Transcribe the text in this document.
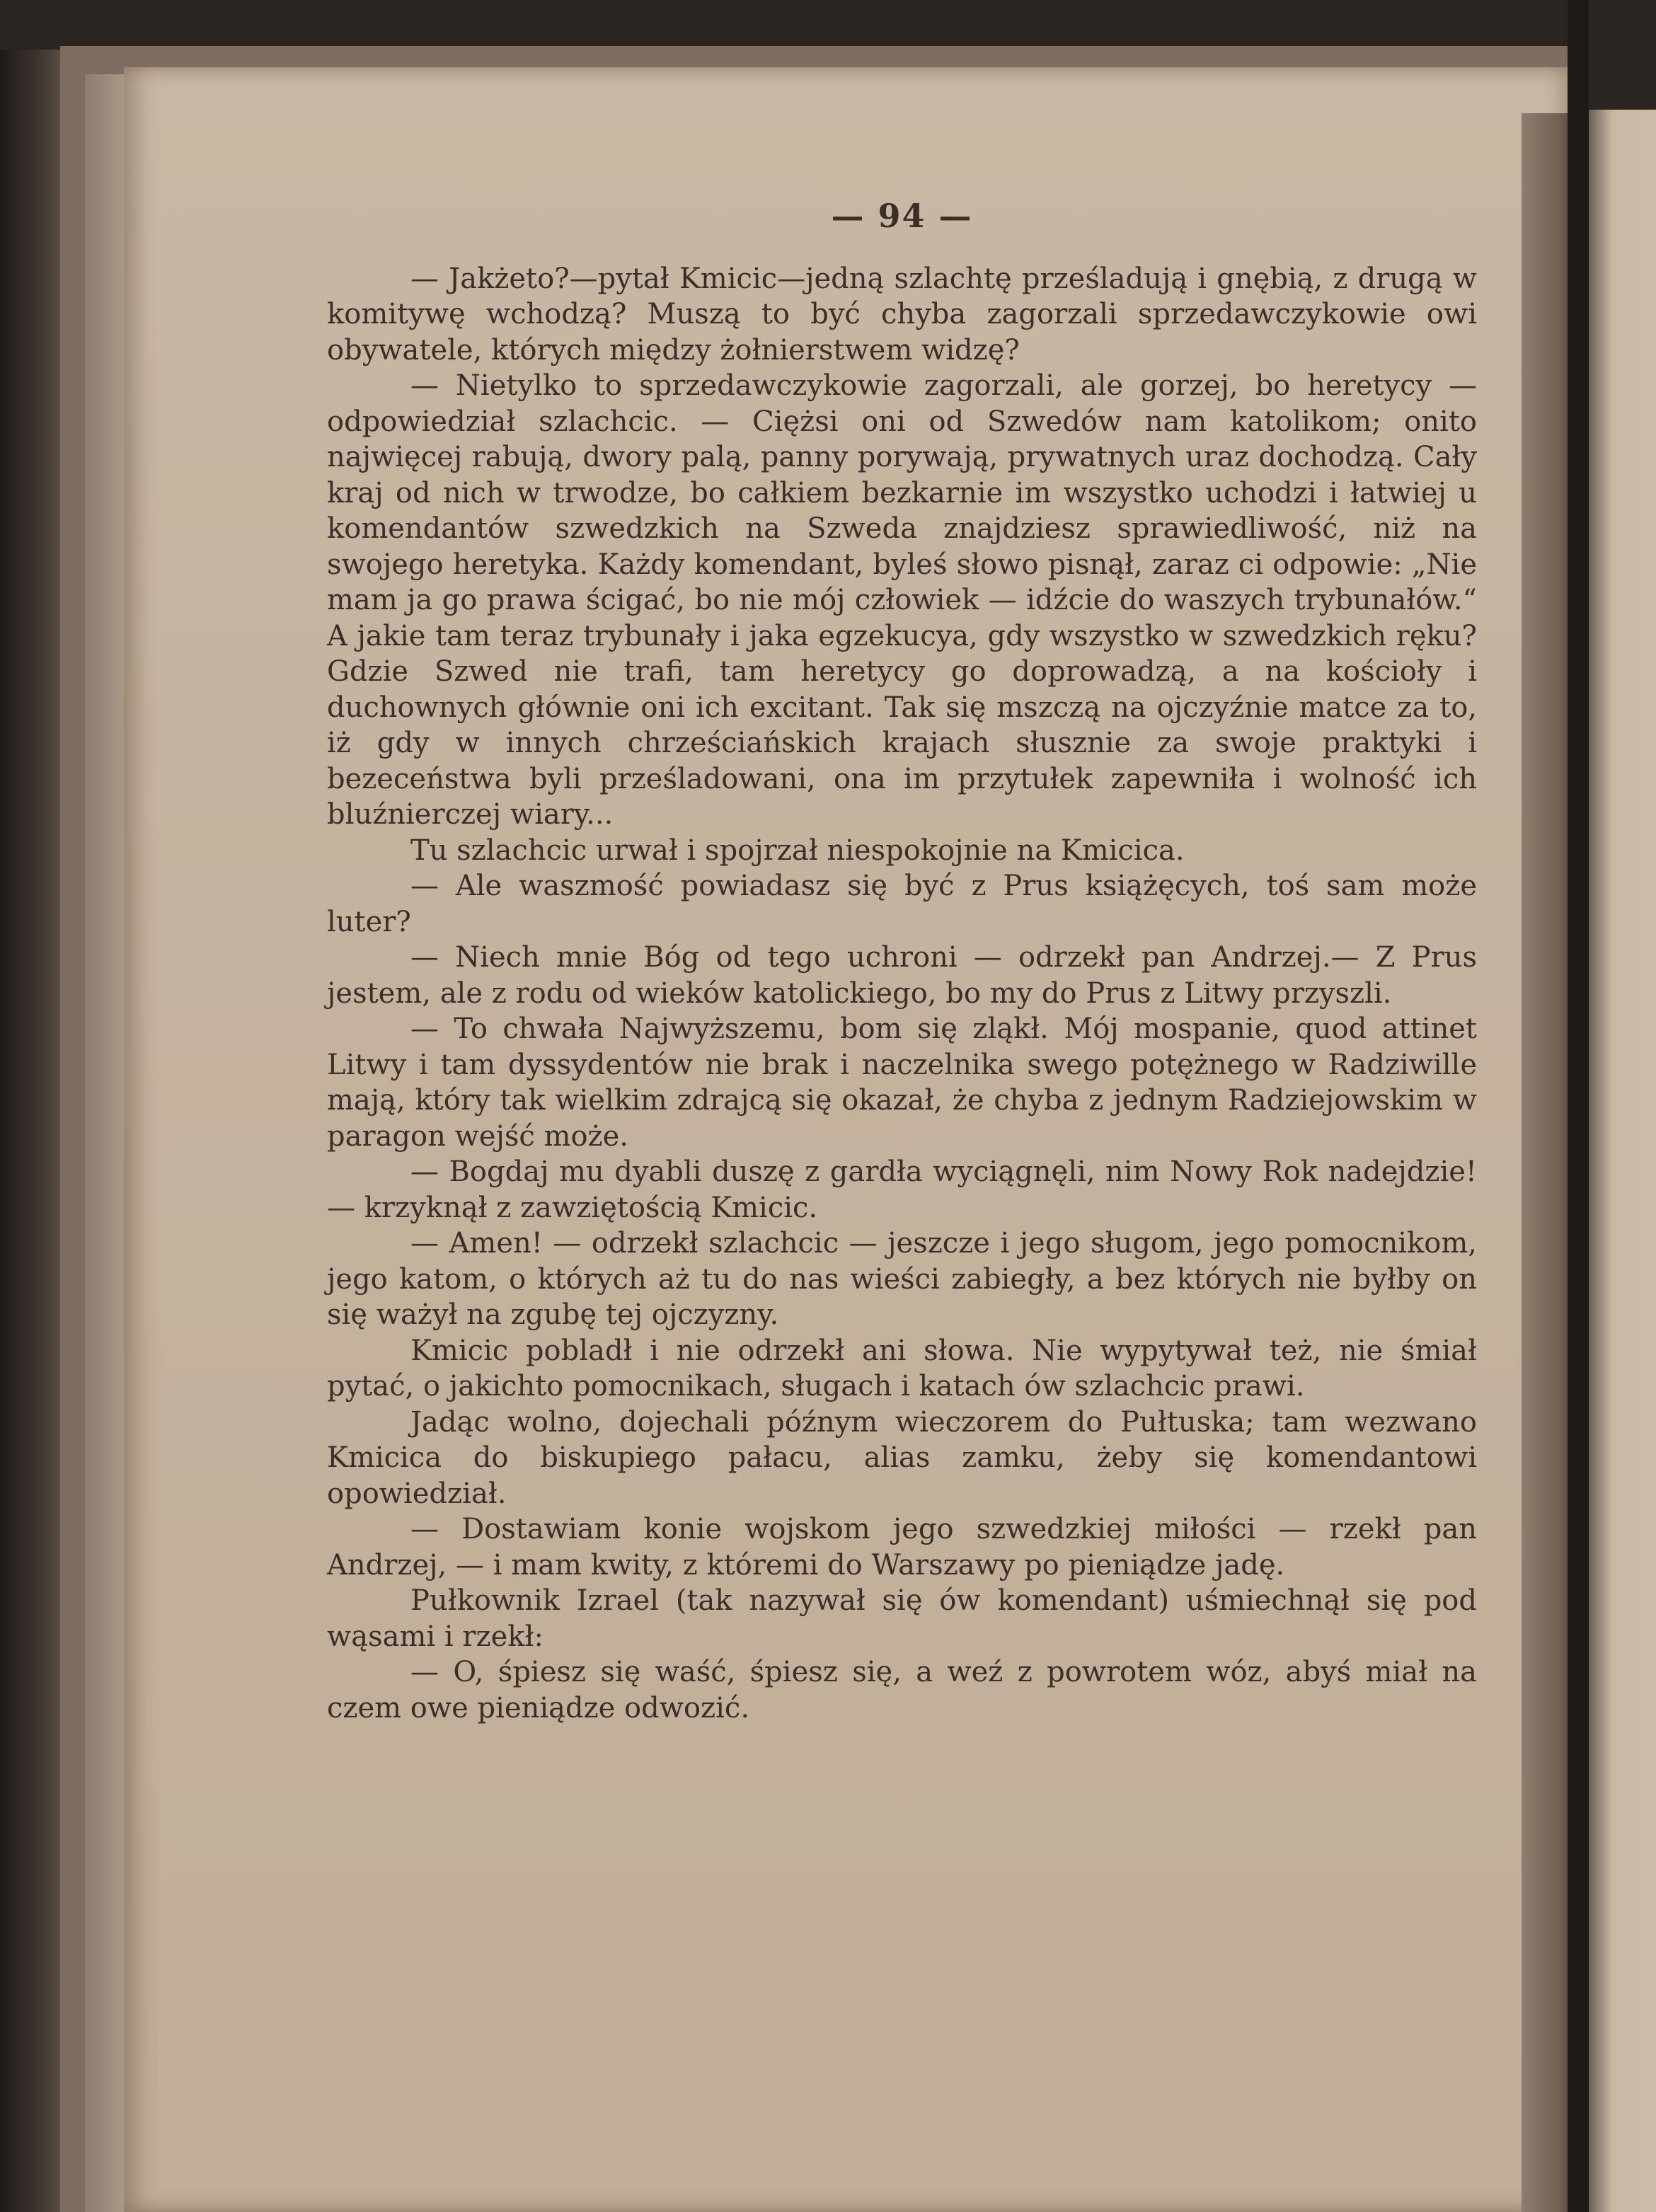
— 94 —

— Jakżeto?—pytał Kmicic—jedną szlachtę prześladują i gnębią, z drugą w komitywę wchodzą? Muszą to być chyba zagorzali sprzedawczykowie owi obywatele, których między żołnierstwem widzę?

— Nietylko to sprzedawczykowie zagorzali, ale gorzej, bo heretycy — odpowiedział szlachcic. — Ciężsi oni od Szwedów nam katolikom; onito najwięcej rabują, dwory palą, panny porywają, prywatnych uraz dochodzą. Cały kraj od nich w trwodze, bo całkiem bezkarnie im wszystko uchodzi i łatwiej u komendantów szwedzkich na Szweda znajdziesz sprawiedliwość, niż na swojego heretyka. Każdy komendant, byleś słowo pisnął, zaraz ci odpowie: „Nie mam ja go prawa ścigać, bo nie mój człowiek — idźcie do waszych trybunałów.“ A jakie tam teraz trybunały i jaka egzekucya, gdy wszystko w szwedzkich ręku? Gdzie Szwed nie trafi, tam heretycy go doprowadzą, a na kościoły i duchownych głównie oni ich excitant. Tak się mszczą na ojczyźnie matce za to, iż gdy w innych chrześciańskich krajach słusznie za swoje praktyki i bezeceństwa byli prześladowani, ona im przytułek zapewniła i wolność ich bluźnierczej wiary...

Tu szlachcic urwał i spojrzał niespokojnie na Kmicica.

— Ale waszmość powiadasz się być z Prus książęcych, toś sam może luter?

— Niech mnie Bóg od tego uchroni — odrzekł pan Andrzej.— Z Prus jestem, ale z rodu od wieków katolickiego, bo my do Prus z Litwy przyszli.

— To chwała Najwyższemu, bom się zląkł. Mój mospanie, quod attinet Litwy i tam dyssydentów nie brak i naczelnika swego potężnego w Radziwille mają, który tak wielkim zdrajcą się okazał, że chyba z jednym Radziejowskim w paragon wejść może.

— Bogdaj mu dyabli duszę z gardła wyciągnęli, nim Nowy Rok nadejdzie! — krzyknął z zawziętością Kmicic.

— Amen! — odrzekł szlachcic — jeszcze i jego sługom, jego pomocnikom, jego katom, o których aż tu do nas wieści zabiegły, a bez których nie byłby on się ważył na zgubę tej ojczyzny.

Kmicic pobladł i nie odrzekł ani słowa. Nie wypytywał też, nie śmiał pytać, o jakichto pomocnikach, sługach i katach ów szlachcic prawi.

Jadąc wolno, dojechali późnym wieczorem do Pułtuska; tam wezwano Kmicica do biskupiego pałacu, alias zamku, żeby się komendantowi opowiedział.

— Dostawiam konie wojskom jego szwedzkiej miłości — rzekł pan Andrzej, — i mam kwity, z któremi do Warszawy po pieniądze jadę.

Pułkownik Izrael (tak nazywał się ów komendant) uśmiechnął się pod wąsami i rzekł:

— O, śpiesz się waść, śpiesz się, a weź z powrotem wóz, abyś miał na czem owe pieniądze odwozić.
